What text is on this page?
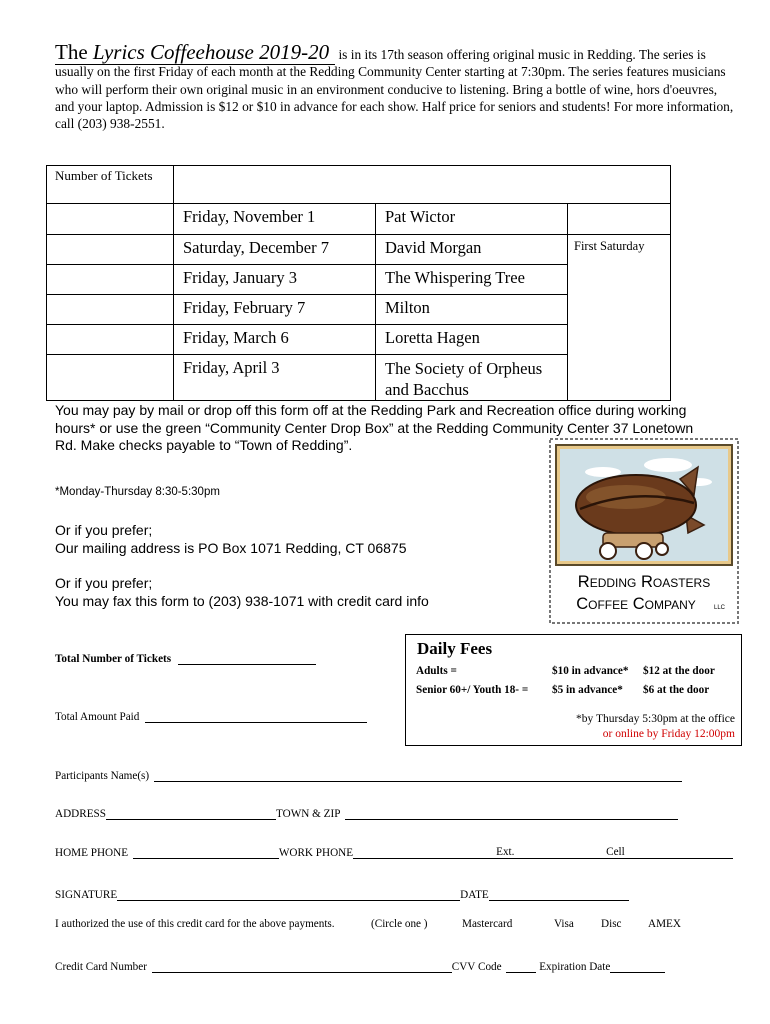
The Lyrics Coffeehouse 2019-20 is in its 17th season offering original music in Redding. The series is usually on the first Friday of each month at the Redding Community Center starting at 7:30pm. The series features musicians who will perform their own original music in an environment conducive to listening. Bring a bottle of wine, hors d'oeuvres, and your laptop. Admission is $12 or $10 in advance for each show. Half price for seniors and students! For more information, call (203) 938-2551.
Number of Tickets			
	Friday, November 1	Pat Wictor	
	Saturday, December 7	David Morgan	First Saturday
	Friday, January 3	The Whispering Tree	
	Friday, February 7	Milton	
	Friday, March 6	Loretta Hagen	
	Friday, April 3	The Society of Orpheus and Bacchus	
You may pay by mail or drop off this form off at the Redding Park and Recreation office during working hours* or use the green “Community Center Drop Box” at the Redding Community Center 37 Lonetown Rd. Make checks payable to “Town of Redding”.
*Monday-Thursday 8:30-5:30pm
Or if you prefer;
Our mailing address is PO Box 1071 Redding, CT 06875
Or if you prefer;
You may fax this form to (203) 938-1071 with credit card info
Redding Roasters
Coffee Company	LLC
Daily Fees
Adults =	$10 in advance* $12 at the door
Senior 60+/ Youth 18- = $5 in advance* $6 at the door
*by Thursday 5:30pm at the office
or online by Friday 12:00pm
Total Number of Tickets
Total Amount Paid
Participants Name(s)
ADDRESS	TOWN & ZIP
HOME PHONE	WORK PHONE	Ext.	Cell
SIGNATURE	DATE
I authorized the use of this credit card for the above payments.	(Circle one )	Mastercard	Visa Disc AMEX
Credit Card Number	CVV Code	Expiration Date
